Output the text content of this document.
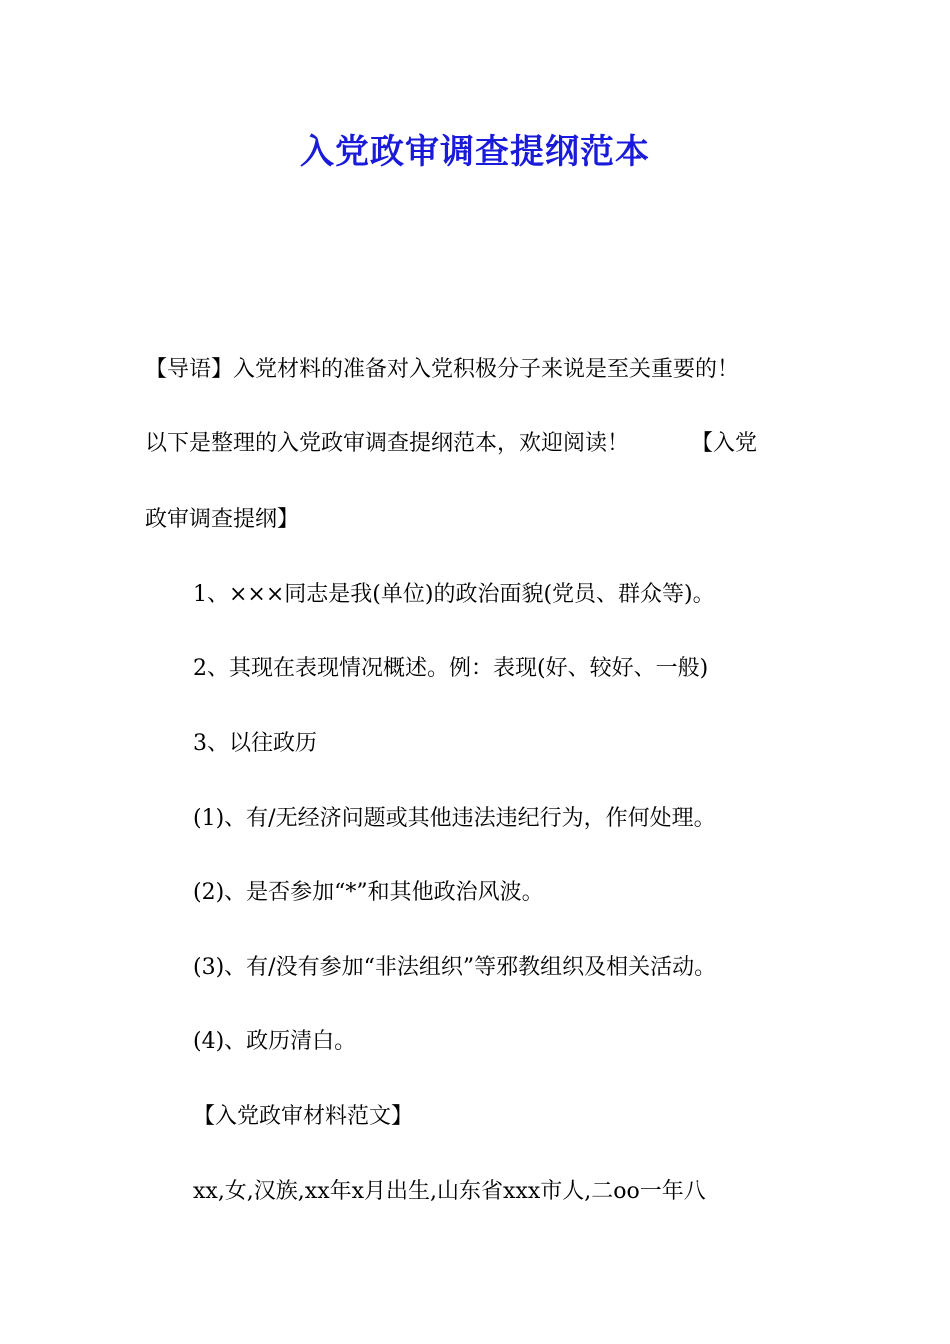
入党政审调查提纲范本
【导语】入党材料的准备对入党积极分子来说是至关重要的！
以下是整理的入党政审调查提纲范本，欢迎阅读！	【入党
政审调查提纲】
1、×××同志是我(单位)的政治面貌(党员、群众等)。
2、其现在表现情况概述。例：表现(好、较好、一般)
3、以往政历
(1)、有/无经济问题或其他违法违纪行为，作何处理。
(2)、是否参加“*”和其他政治风波。
(3)、有/没有参加“非法组织”等邪教组织及相关活动。
(4)、政历清白。
【入党政审材料范文】
xx,女,汉族,xx年x月出生,山东省xxx市人,二oo一年八
